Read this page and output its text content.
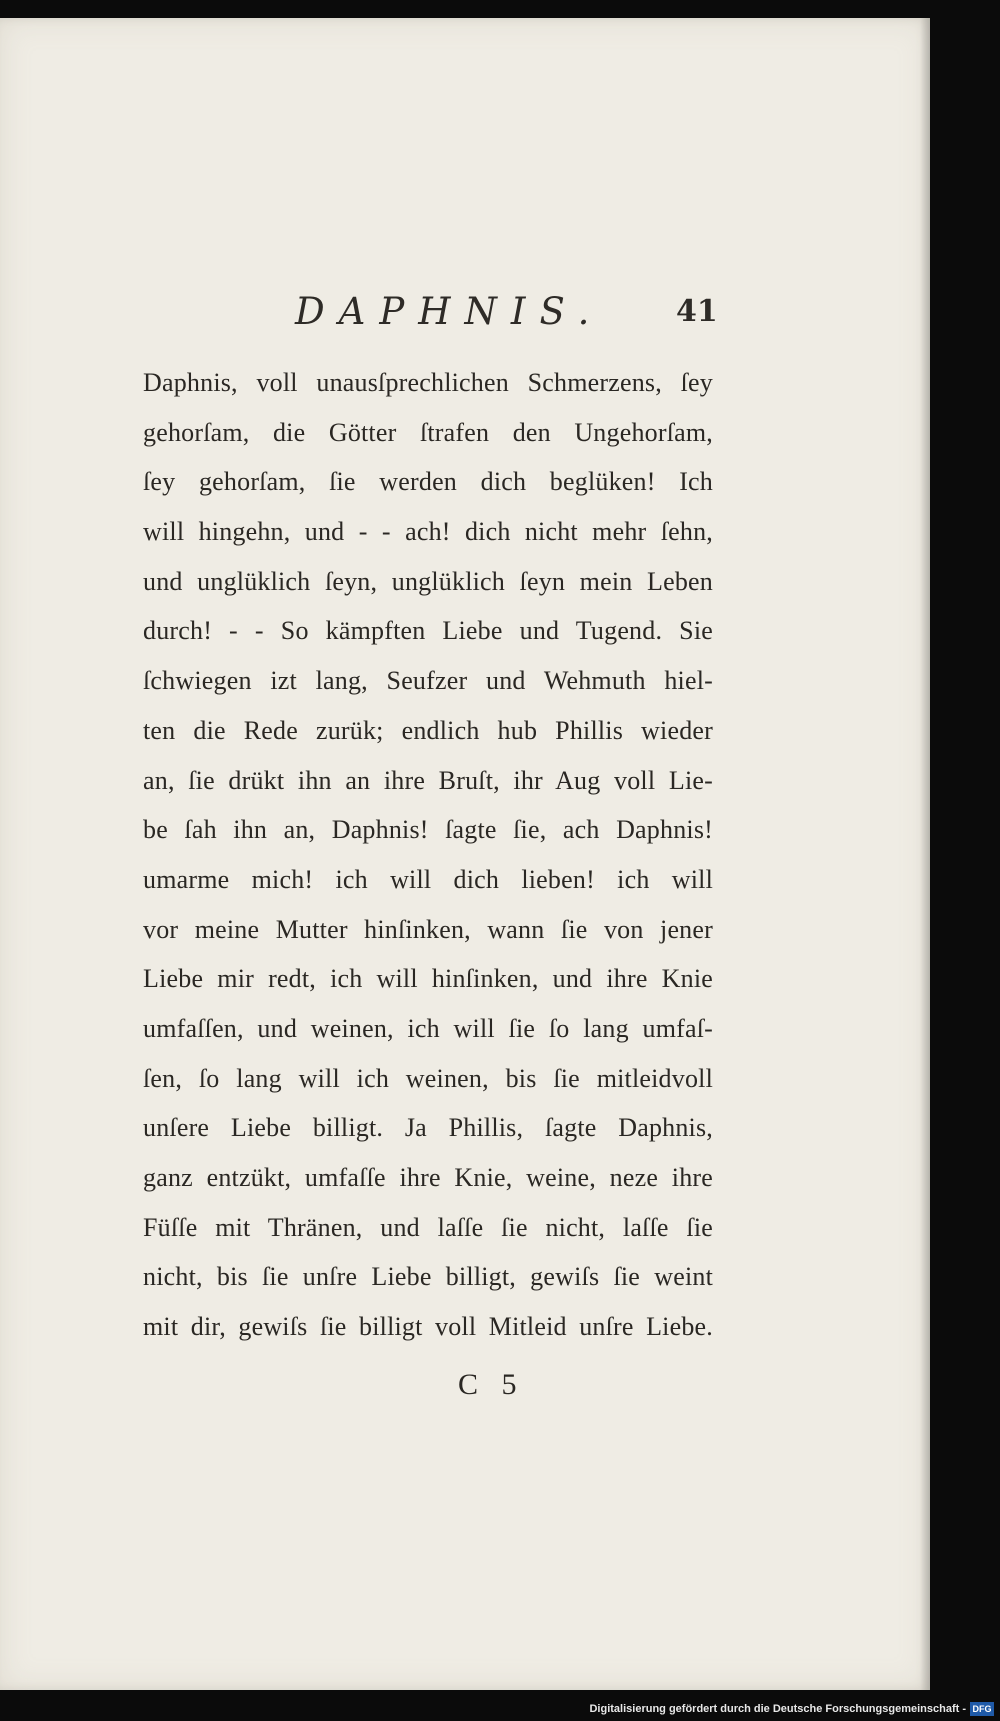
DAPHNIS. 41
Daphnis, voll unausſprechlichen Schmerzens, ſey
gehorſam, die Götter ſtrafen den Ungehorſam,
ſey gehorſam, ſie werden dich beglüken! Ich
will hingehn, und - - ach! dich nicht mehr ſehn,
und unglüklich ſeyn, unglüklich ſeyn mein Leben
durch! - - So kämpften Liebe und Tugend. Sie
ſchwiegen izt lang, Seufzer und Wehmuth hiel-
ten die Rede zurük; endlich hub Phillis wieder
an, ſie drükt ihn an ihre Bruſt, ihr Aug voll Lie-
be ſah ihn an, Daphnis! ſagte ſie, ach Daphnis!
umarme mich! ich will dich lieben! ich will
vor meine Mutter hinſinken, wann ſie von jener
Liebe mir redt, ich will hinſinken, und ihre Knie
umfaſſen, und weinen, ich will ſie ſo lang umfaſ-
ſen, ſo lang will ich weinen, bis ſie mitleidvoll
unſere Liebe billigt. Ja Phillis, ſagte Daphnis,
ganz entzükt, umfaſſe ihre Knie, weine, neze ihre
Füſſe mit Thränen, und laſſe ſie nicht, laſſe ſie
nicht, bis ſie unſre Liebe billigt, gewiſs ſie weint
mit dir, gewiſs ſie billigt voll Mitleid unſre Liebe.
C 5
Digitalisierung gefördert durch die Deutsche Forschungsgemeinschaft - DFG
